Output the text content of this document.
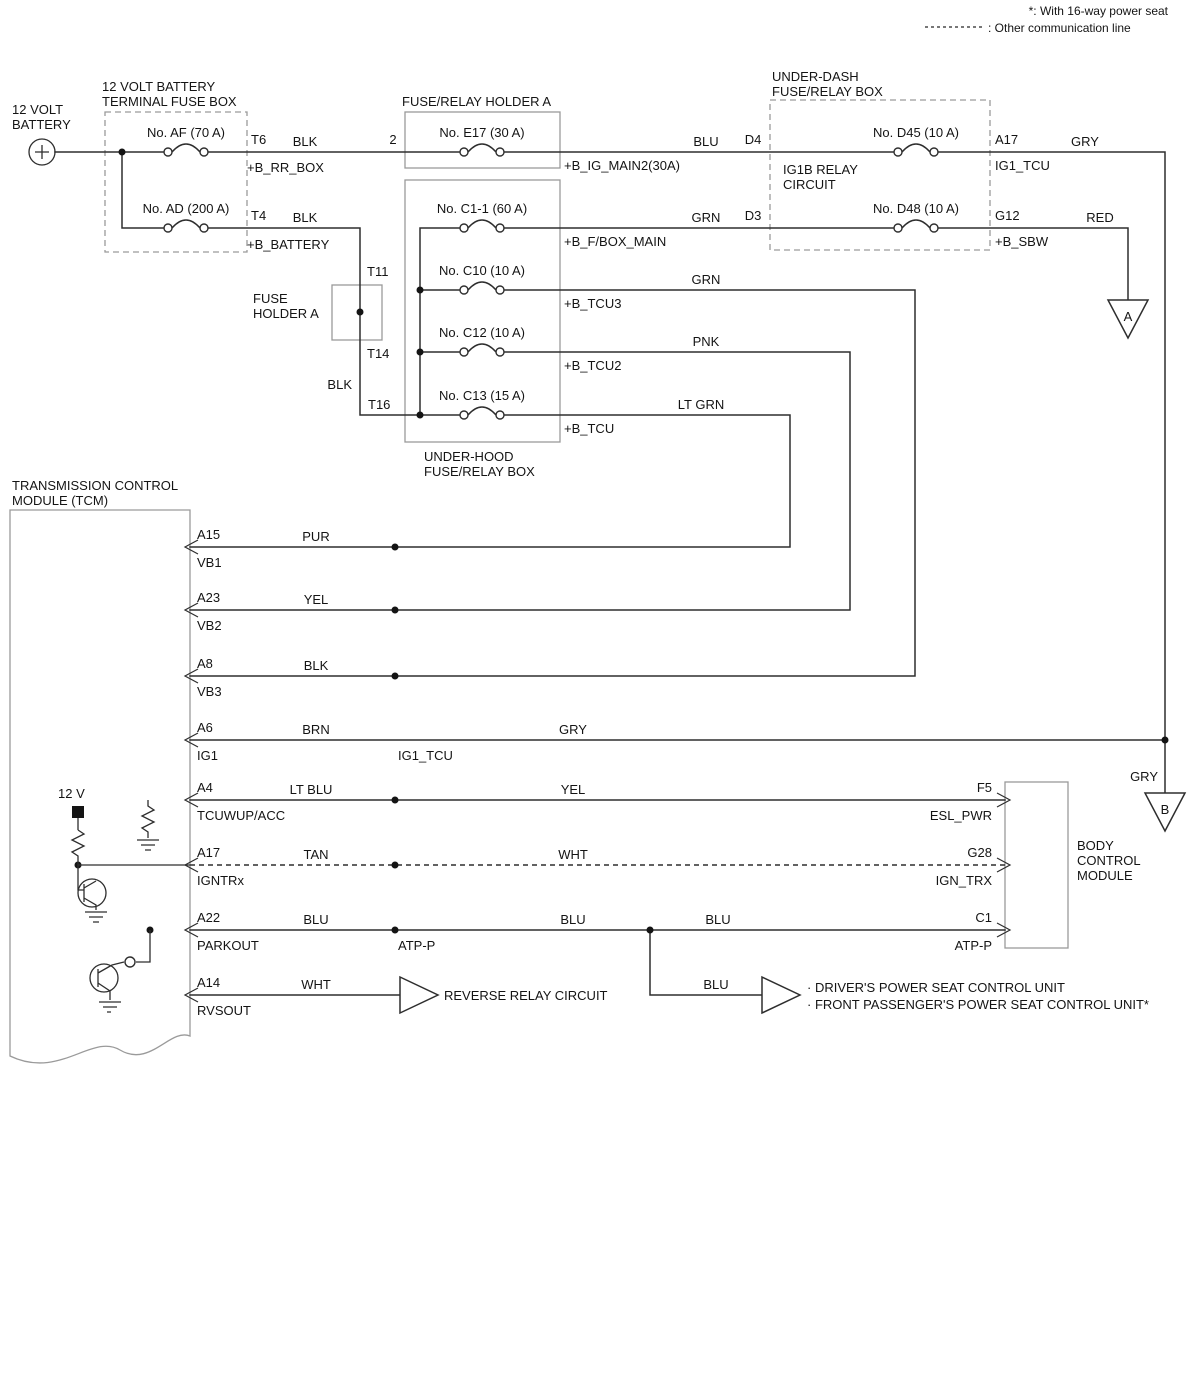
*: With 16-way power seat
: Other communication line
12 VOLT
BATTERY
12 VOLT BATTERY
TERMINAL FUSE BOX
No. AF (70 A) T6 BLK
+B_RR_BOX
No. AD (200 A) T4 BLK
+B_BATTERY
FUSE/RELAY HOLDER A
2	No. E17 (30 A)
+B_IG_MAIN2(30A)
BLU D4
FUSE
HOLDER A
T11
T14
BLK
T16
No. C1-1 (60 A)
+B_F/BOX_MAIN
GRN D3
No. C10 (10 A)
+B_TCU3
GRN
No. C12 (10 A)
+B_TCU2
PNK
No. C13 (15 A)
+B_TCU
LT GRN
UNDER-HOOD
FUSE/RELAY BOX
UNDER-DASH
FUSE/RELAY BOX
IG1B RELAY
CIRCUIT
No. D45 (10 A)	A17
IG1_TCU
GRY
No. D48 (10 A)	G12
+B_SBW
RED
A
GRY
B
TRANSMISSION CONTROL
MODULE (TCM)
12 V
A15
VB1
PUR
A23
VB2
YEL
A8
VB3
BLK
A6
IG1
BRN
IG1_TCU
GRY
A4
TCUWUP/ACC
LT BLU	YEL
A17
IGNTRx
TAN	WHT
A22
PARKOUT
BLU
ATP-P
BLU	BLU
A14
RVSOUT
WHT
REVERSE RELAY CIRCUIT
BLU	· DRIVER'S POWER SEAT CONTROL UNIT
· FRONT PASSENGER'S POWER SEAT CONTROL UNIT*
F5
ESL_PWR
G28
IGN_TRX
C1
ATP-P
BODY
CONTROL
MODULE
